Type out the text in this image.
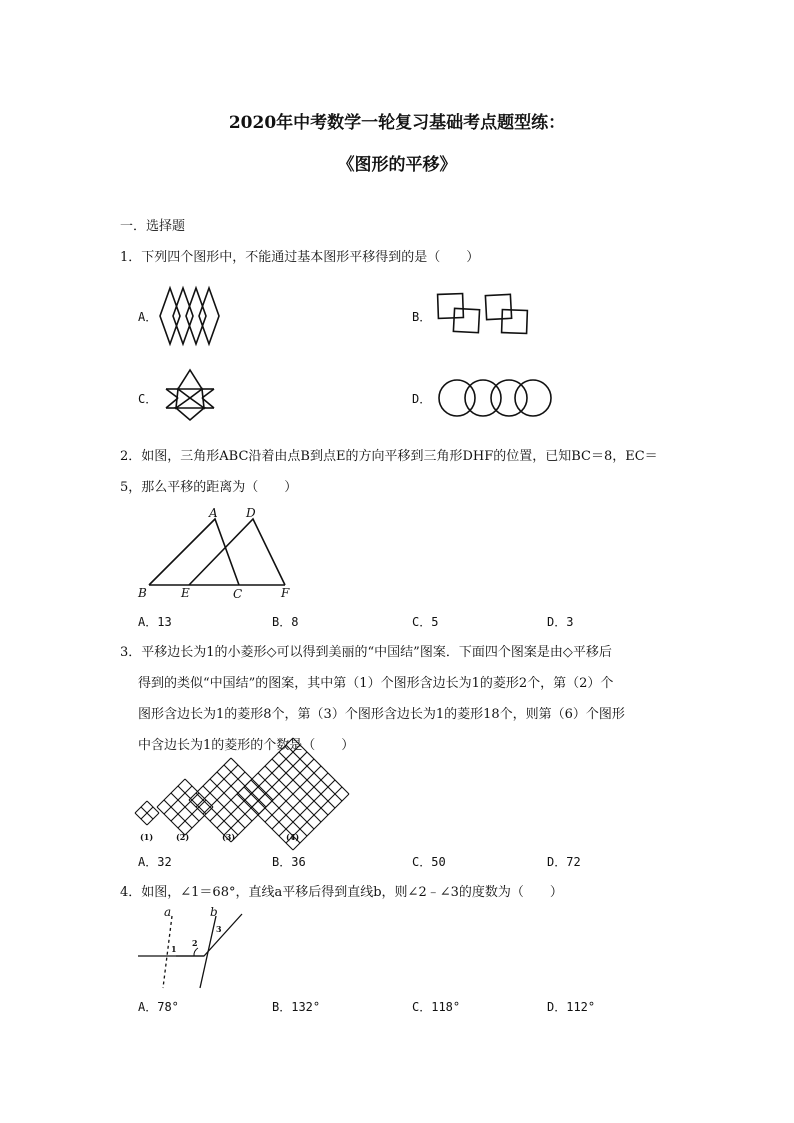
2020年中考数学一轮复习基础考点题型练：
《图形的平移》
一．选择题
1．下列四个图形中，不能通过基本图形平移得到的是（　　）
A．	B．
C．	D．
2．如图，三角形ABC沿着由点B到点E的方向平移到三角形DHF的位置，已知BC＝8，EC＝
5，那么平移的距离为（　　）
A D
B	E	C	F
A．13	B．8	C．5	D．3
3．平移边长为1的小菱形◇可以得到美丽的“中国结”图案．下面四个图案是由◇平移后
得到的类似“中国结”的图案，其中第（1）个图形含边长为1的菱形2个，第（2）个
图形含边长为1的菱形8个，第（3）个图形含边长为1的菱形18个，则第（6）个图形
中含边长为1的菱形的个数是（　　）
(1)	(2)	(3)	(4)
A．32	B．36	C．50	D．72
4．如图，∠1＝68°，直线a平移后得到直线b，则∠2﹣∠3的度数为（　　）
a	b
1
2
3
A．78°	B．132°	C．118°	D．112°
